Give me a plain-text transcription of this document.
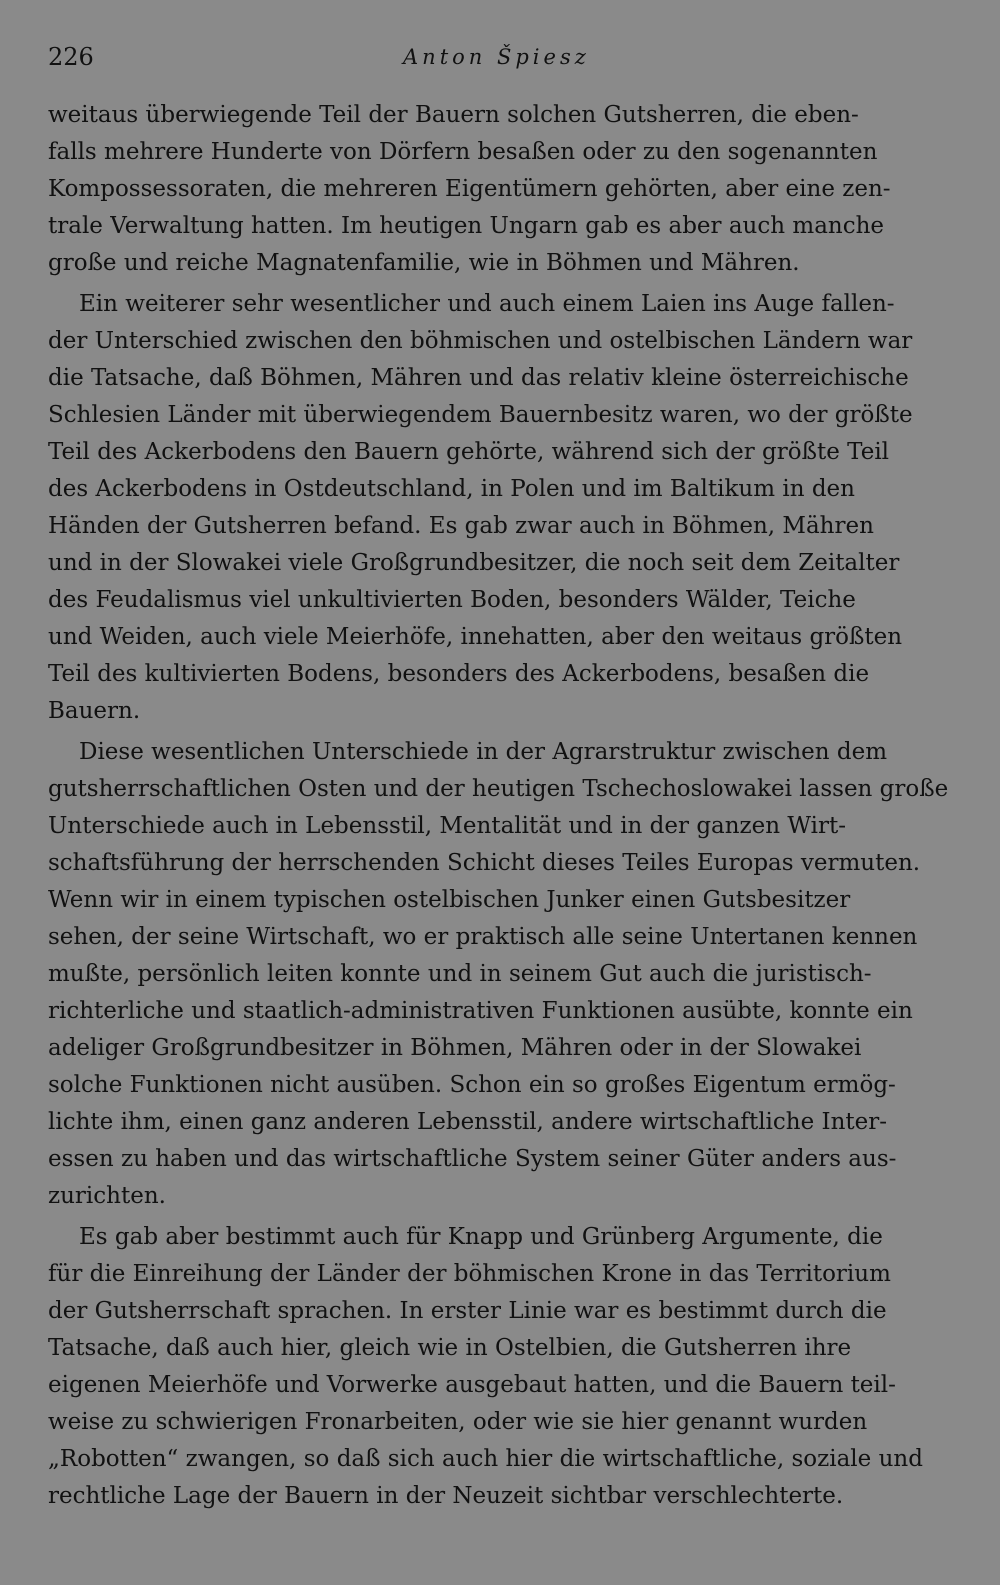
226	Anton Špiesz

weitaus überwiegende Teil der Bauern solchen Gutsherren, die eben-
falls mehrere Hunderte von Dörfern besaßen oder zu den sogenannten
Kompossessoraten, die mehreren Eigentümern gehörten, aber eine zen-
trale Verwaltung hatten. Im heutigen Ungarn gab es aber auch manche
große und reiche Magnatenfamilie, wie in Böhmen und Mähren.

Ein weiterer sehr wesentlicher und auch einem Laien ins Auge fallen-
der Unterschied zwischen den böhmischen und ostelbischen Ländern war
die Tatsache, daß Böhmen, Mähren und das relativ kleine österreichische
Schlesien Länder mit überwiegendem Bauernbesitz waren, wo der größte
Teil des Ackerbodens den Bauern gehörte, während sich der größte Teil
des Ackerbodens in Ostdeutschland, in Polen und im Baltikum in den
Händen der Gutsherren befand. Es gab zwar auch in Böhmen, Mähren
und in der Slowakei viele Großgrundbesitzer, die noch seit dem Zeitalter
des Feudalismus viel unkultivierten Boden, besonders Wälder, Teiche
und Weiden, auch viele Meierhöfe, innehatten, aber den weitaus größten
Teil des kultivierten Bodens, besonders des Ackerbodens, besaßen die
Bauern.

Diese wesentlichen Unterschiede in der Agrarstruktur zwischen dem
gutsherrschaftlichen Osten und der heutigen Tschechoslowakei lassen große
Unterschiede auch in Lebensstil, Mentalität und in der ganzen Wirt-
schaftsführung der herrschenden Schicht dieses Teiles Europas vermuten.
Wenn wir in einem typischen ostelbischen Junker einen Gutsbesitzer
sehen, der seine Wirtschaft, wo er praktisch alle seine Untertanen kennen
mußte, persönlich leiten konnte und in seinem Gut auch die juristisch-
richterliche und staatlich-administrativen Funktionen ausübte, konnte ein
adeliger Großgrundbesitzer in Böhmen, Mähren oder in der Slowakei
solche Funktionen nicht ausüben. Schon ein so großes Eigentum ermög-
lichte ihm, einen ganz anderen Lebensstil, andere wirtschaftliche Inter-
essen zu haben und das wirtschaftliche System seiner Güter anders aus-
zurichten.

Es gab aber bestimmt auch für Knapp und Grünberg Argumente, die
für die Einreihung der Länder der böhmischen Krone in das Territorium
der Gutsherrschaft sprachen. In erster Linie war es bestimmt durch die
Tatsache, daß auch hier, gleich wie in Ostelbien, die Gutsherren ihre
eigenen Meierhöfe und Vorwerke ausgebaut hatten, und die Bauern teil-
weise zu schwierigen Fronarbeiten, oder wie sie hier genannt wurden
„Robotten“ zwangen, so daß sich auch hier die wirtschaftliche, soziale und
rechtliche Lage der Bauern in der Neuzeit sichtbar verschlechterte.
